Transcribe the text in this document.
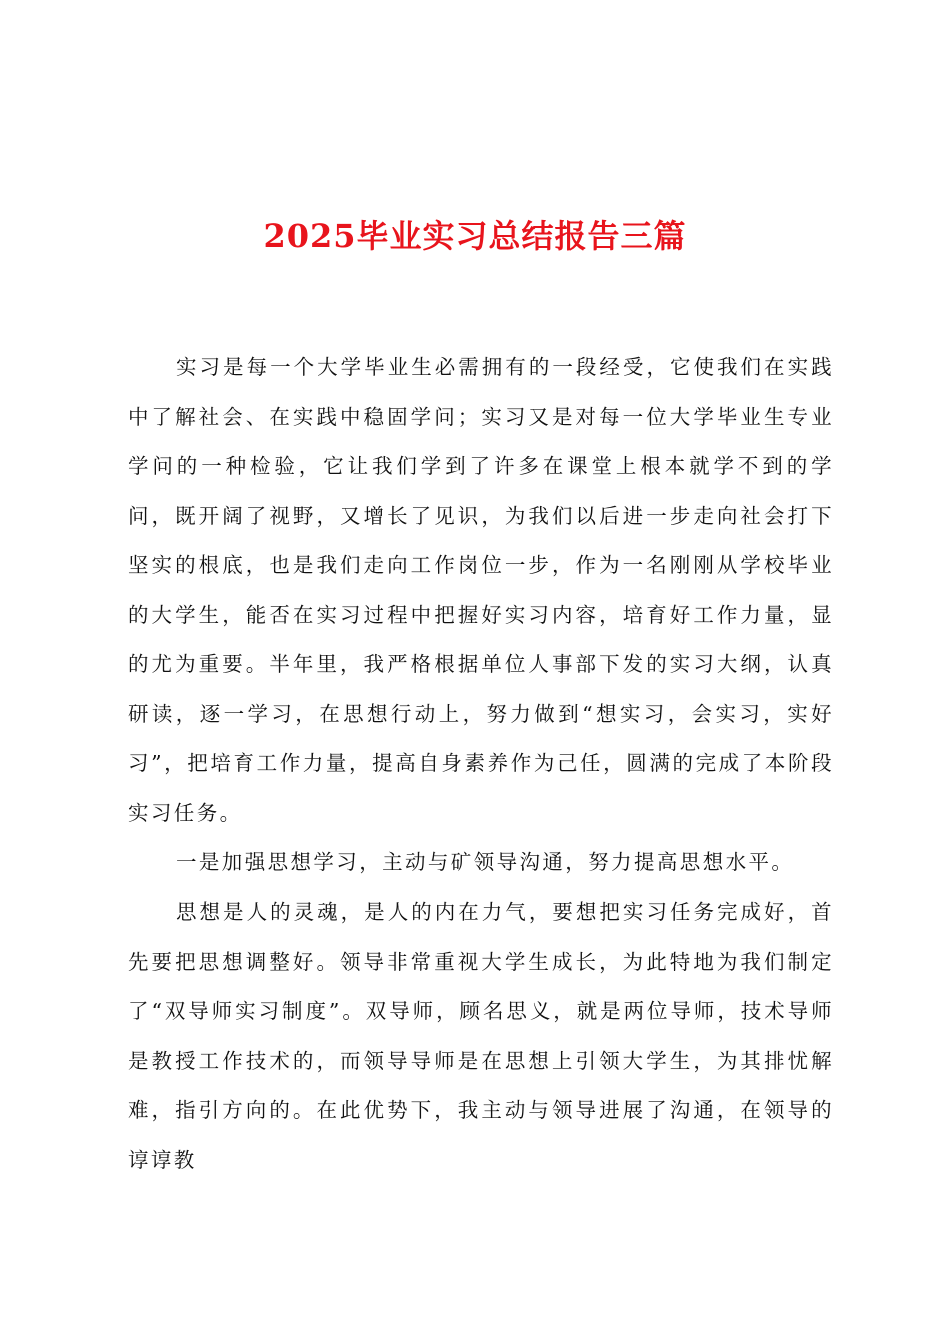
2025毕业实习总结报告三篇

实习是每一个大学毕业生必需拥有的一段经受，它使我们在实践中了解社会、在实践中稳固学问；实习又是对每一位大学毕业生专业学问的一种检验，它让我们学到了许多在课堂上根本就学不到的学问，既开阔了视野，又增长了见识，为我们以后进一步走向社会打下坚实的根底，也是我们走向工作岗位一步，作为一名刚刚从学校毕业的大学生，能否在实习过程中把握好实习内容，培育好工作力量，显的尤为重要。半年里，我严格根据单位人事部下发的实习大纲，认真研读，逐一学习，在思想行动上，努力做到“想实习，会实习，实好习”，把培育工作力量，提高自身素养作为己任，圆满的完成了本阶段实习任务。

一是加强思想学习，主动与矿领导沟通，努力提高思想水平。

思想是人的灵魂，是人的内在力气，要想把实习任务完成好，首先要把思想调整好。领导非常重视大学生成长，为此特地为我们制定了“双导师实习制度”。双导师，顾名思义，就是两位导师，技术导师是教授工作技术的，而领导导师是在思想上引领大学生，为其排忧解难，指引方向的。在此优势下，我主动与领导进展了沟通，在领导的谆谆教
